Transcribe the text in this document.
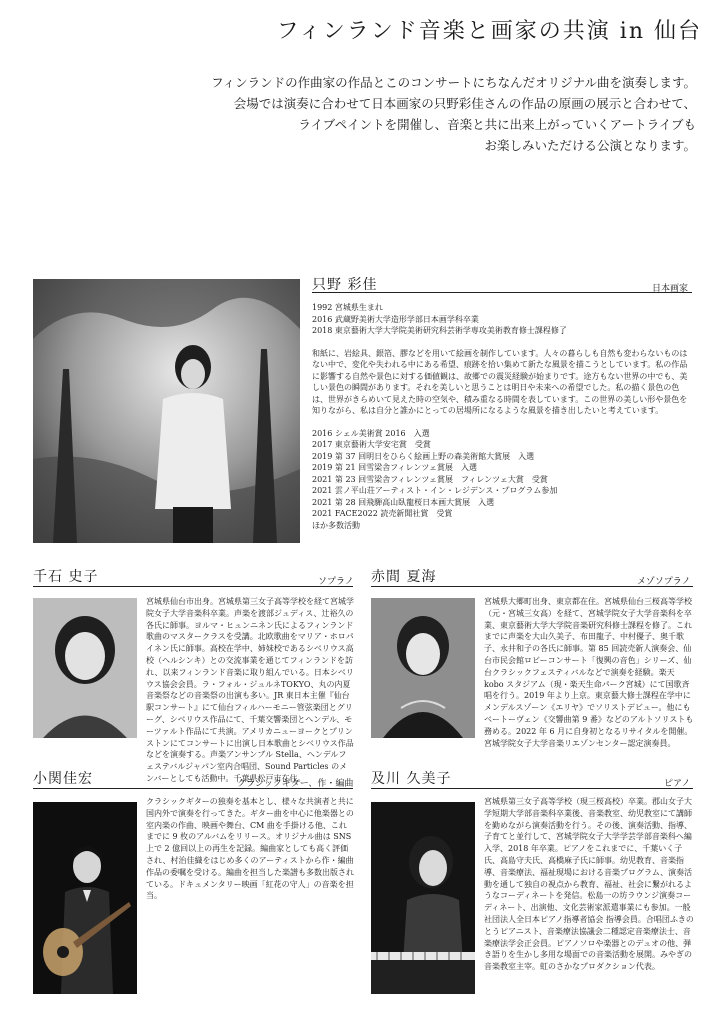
フィンランド音楽と画家の共演 in 仙台
フィンランドの作曲家の作品とこのコンサートにちなんだオリジナル曲を演奏します。
会場では演奏に合わせて日本画家の只野彩佳さんの作品の原画の展示と合わせて、
ライブペイントを開催し、音楽と共に出来上がっていくアートライブも
お楽しみいただける公演となります。
只野 彩佳	日本画家
1992 宮城県生まれ
2016 武蔵野美術大学造形学部日本画学科卒業
2018 東京藝術大学大学院美術研究科芸術学専攻美術教育修士課程修了
和紙に、岩絵具、銀箔、膠などを用いて絵画を制作しています。人々の暮らしも自然も変わらないものはない中で、変化や失われる中にある希望、痕跡を拾い集めて新たな風景を描こうとしています。私の作品に影響する自然や景色に対する価値観は、故郷での震災経験が始まりです。途方もない世界の中でも、美しい景色の瞬間があります。それを美しいと思うことは明日や未来への希望でした。私の描く景色の色は、世界がきらめいて見えた時の空気や、積み重なる時間を表しています。この世界の美しい形や景色を知りながら、私は自分と誰かにとっての居場所になるような風景を描き出したいと考えています。
2016 シェル美術賞 2016　入選
2017 東京藝術大学安宅賞　受賞
2019 第 37 回明日をひらく絵画上野の森美術館大賞展　入選
2019 第 21 回雪梁舎フィレンツェ賞展　入選
2021 第 23 回雪梁舎フィレンツェ賞展　フィレンツェ大賞　受賞
2021 雲ノ平山荘アーティスト・イン・レジデンス・プログラム参加
2021 第 28 回飛騨高山臥龍桜日本画大賞展　入選
2021 FACE2022 読売新聞社賞　受賞
ほか多数活動
千石 史子	ソプラノ
宮城県仙台市出身。宮城県第三女子高等学校を経て宮城学院女子大学音楽科卒業。声楽を渡部ジュディス、辻裕久の各氏に師事。ヨルマ・ヒュンニネン氏によるフィンランド歌曲のマスタークラスを受講。北欧歌曲をマリア・ホロパイネン氏に師事。高校在学中、姉妹校であるシベリウス高校（ヘルシンキ）との交流事業を通じてフィンランドを訪れ、以来フィンランド音楽に取り組んでいる。日本シベリウス協会会員。ラ・フォル・ジュルネTOKYO、丸の内夏音楽祭などの音楽祭の出演も多い。JR 東日本主催『仙台駅コンサート』にて仙台フィルハーモニー管弦楽団とグリーグ、シベリウス作品にて、千葉交響楽団とヘンデル、モーツァルト作品にて共演。アメリカニューヨークとプリンストンにてコンサートに出演し日本歌曲とシベリウス作品などを演奏する。声楽アンサンブル Stella、ヘンデルフェステバルジャパン室内合唱団、Sound Particles のメンバーとしても活動中。千葉県松戸市在住。
赤間 夏海	メゾソプラノ
宮城県大郷町出身、東京都在住。宮城県仙台三桜高等学校（元・宮城三女高）を経て、宮城学院女子大学音楽科を卒業、東京藝術大学大学院音楽研究科修士課程を修了。これまでに声楽を大山久美子、布田龍子、中村優子、奥千歌子、永井和子の各氏に師事。第 85 回読売新人演奏会、仙台市民会館ロビーコンサート「復興の音色」シリーズ、仙台クラシックフェスティバルなどで演奏を経験。楽天 kobo スタジアム（現・楽天生命パーク宮城）にて国歌斉唱を行う。2019 年より上京。東京藝大修士課程在学中にメンデルスゾーン《エリヤ》でソリストデビュー。他にもベートーヴェン《交響曲第 9 番》などのアルトソリストも務める。2022 年 6 月に自身初となるリサイタルを開催。宮城学院女子大学音楽リエゾンセンター認定演奏員。
小関佳宏	クラシックギター、作・編曲
クラシックギターの独奏を基本とし、様々な共演者と共に国内外で演奏を行ってきた。ギター曲を中心に他楽器との室内楽の作曲、映画や舞台、CM 曲を手掛ける他、これまでに 9 枚のアルバムをリリース。オリジナル曲は SNS 上で 2 億回以上の再生を記録。編曲家としても高く評価され、村治佳織をはじめ多くのアーティストから作・編曲作品の委嘱を受ける。編曲を担当した楽譜も多数出版されている。ドキュメンタリー映画「紅花の守人」の音楽を担当。
及川 久美子	ピアノ
宮城県第三女子高等学校（現三桜高校）卒業。郡山女子大学短期大学部音楽科卒業後、音楽教室、幼児教室にて講師を勤めながら演奏活動を行う。その後、演奏活動、指導、子育てと並行して、宮城学院女子大学学芸学部音楽科へ編入学、2018 年卒業。ピアノをこれまでに、千葉いく子氏、高島守夫氏、高橋麻子氏に師事。幼児教育、音楽指導、音楽療法、福祉現場における音楽プログラム、演奏活動を通して独自の視点から教育、福祉、社会に繋がれるようなコーディネートを発信。松島一の坊ラウンジ演奏コーディネート、出演他、文化芸術家派遣事業にも参加。一般社団法人全日本ピアノ指導者協会 指導会員。合唱団ふきのとうピアニスト、音楽療法協議会二種認定音楽療法士、音楽療法学会正会員。ピアノソロや楽器とのデュオの他、弾き語りを生かし多用な場面での音楽活動を展開。みやぎの音楽教室主宰。虹のさかなプロダクション代表。
